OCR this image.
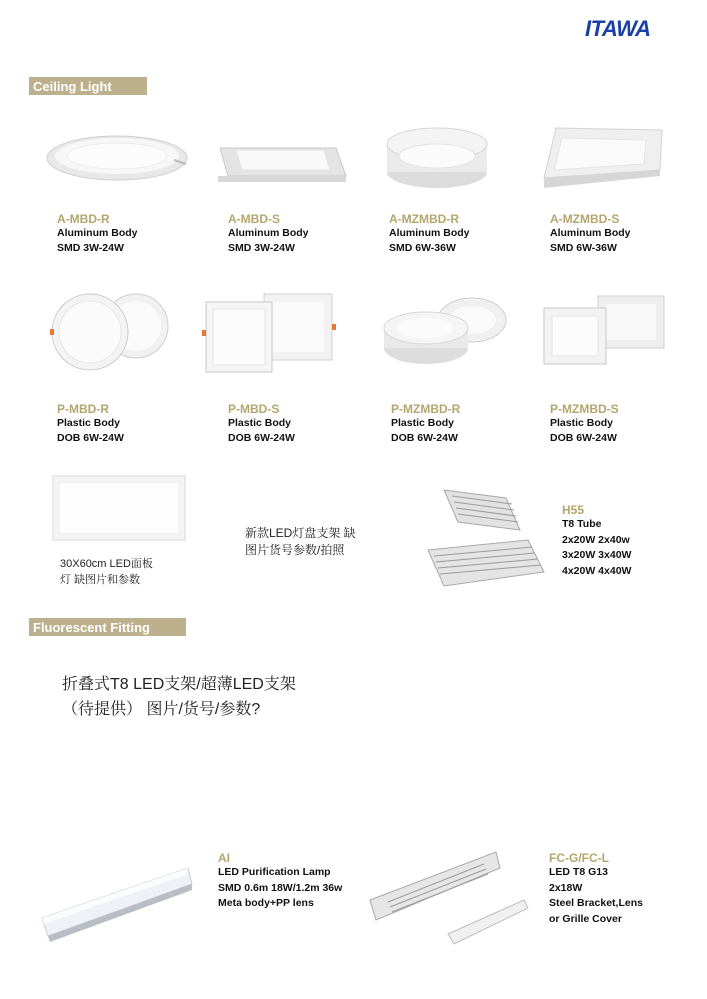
ITAWA
Ceiling Light
A-MBD-R
Aluminum Body
SMD 3W-24W
A-MBD-S
Aluminum Body
SMD 3W-24W
A-MZMBD-R
Aluminum Body
SMD 6W-36W
A-MZMBD-S
Aluminum Body
SMD 6W-36W
P-MBD-R
Plastic Body
DOB 6W-24W
P-MBD-S
Plastic Body
DOB 6W-24W
P-MZMBD-R
Plastic Body
DOB 6W-24W
P-MZMBD-S
Plastic Body
DOB 6W-24W
30X60cm LED面板
灯 缺图片和参数
新款LED灯盘支架 缺
图片货号参数/拍照
H55
T8 Tube
2x20W 2x40w
3x20W 3x40W
4x20W 4x40W
Fluorescent Fitting
折叠式T8 LED支架/超薄LED支架
（待提供） 图片/货号/参数?
AI
LED Purification Lamp
SMD 0.6m 18W/1.2m 36w
Meta body+PP lens
FC-G/FC-L
LED T8 G13
2x18W
Steel Bracket,Lens
or Grille Cover
